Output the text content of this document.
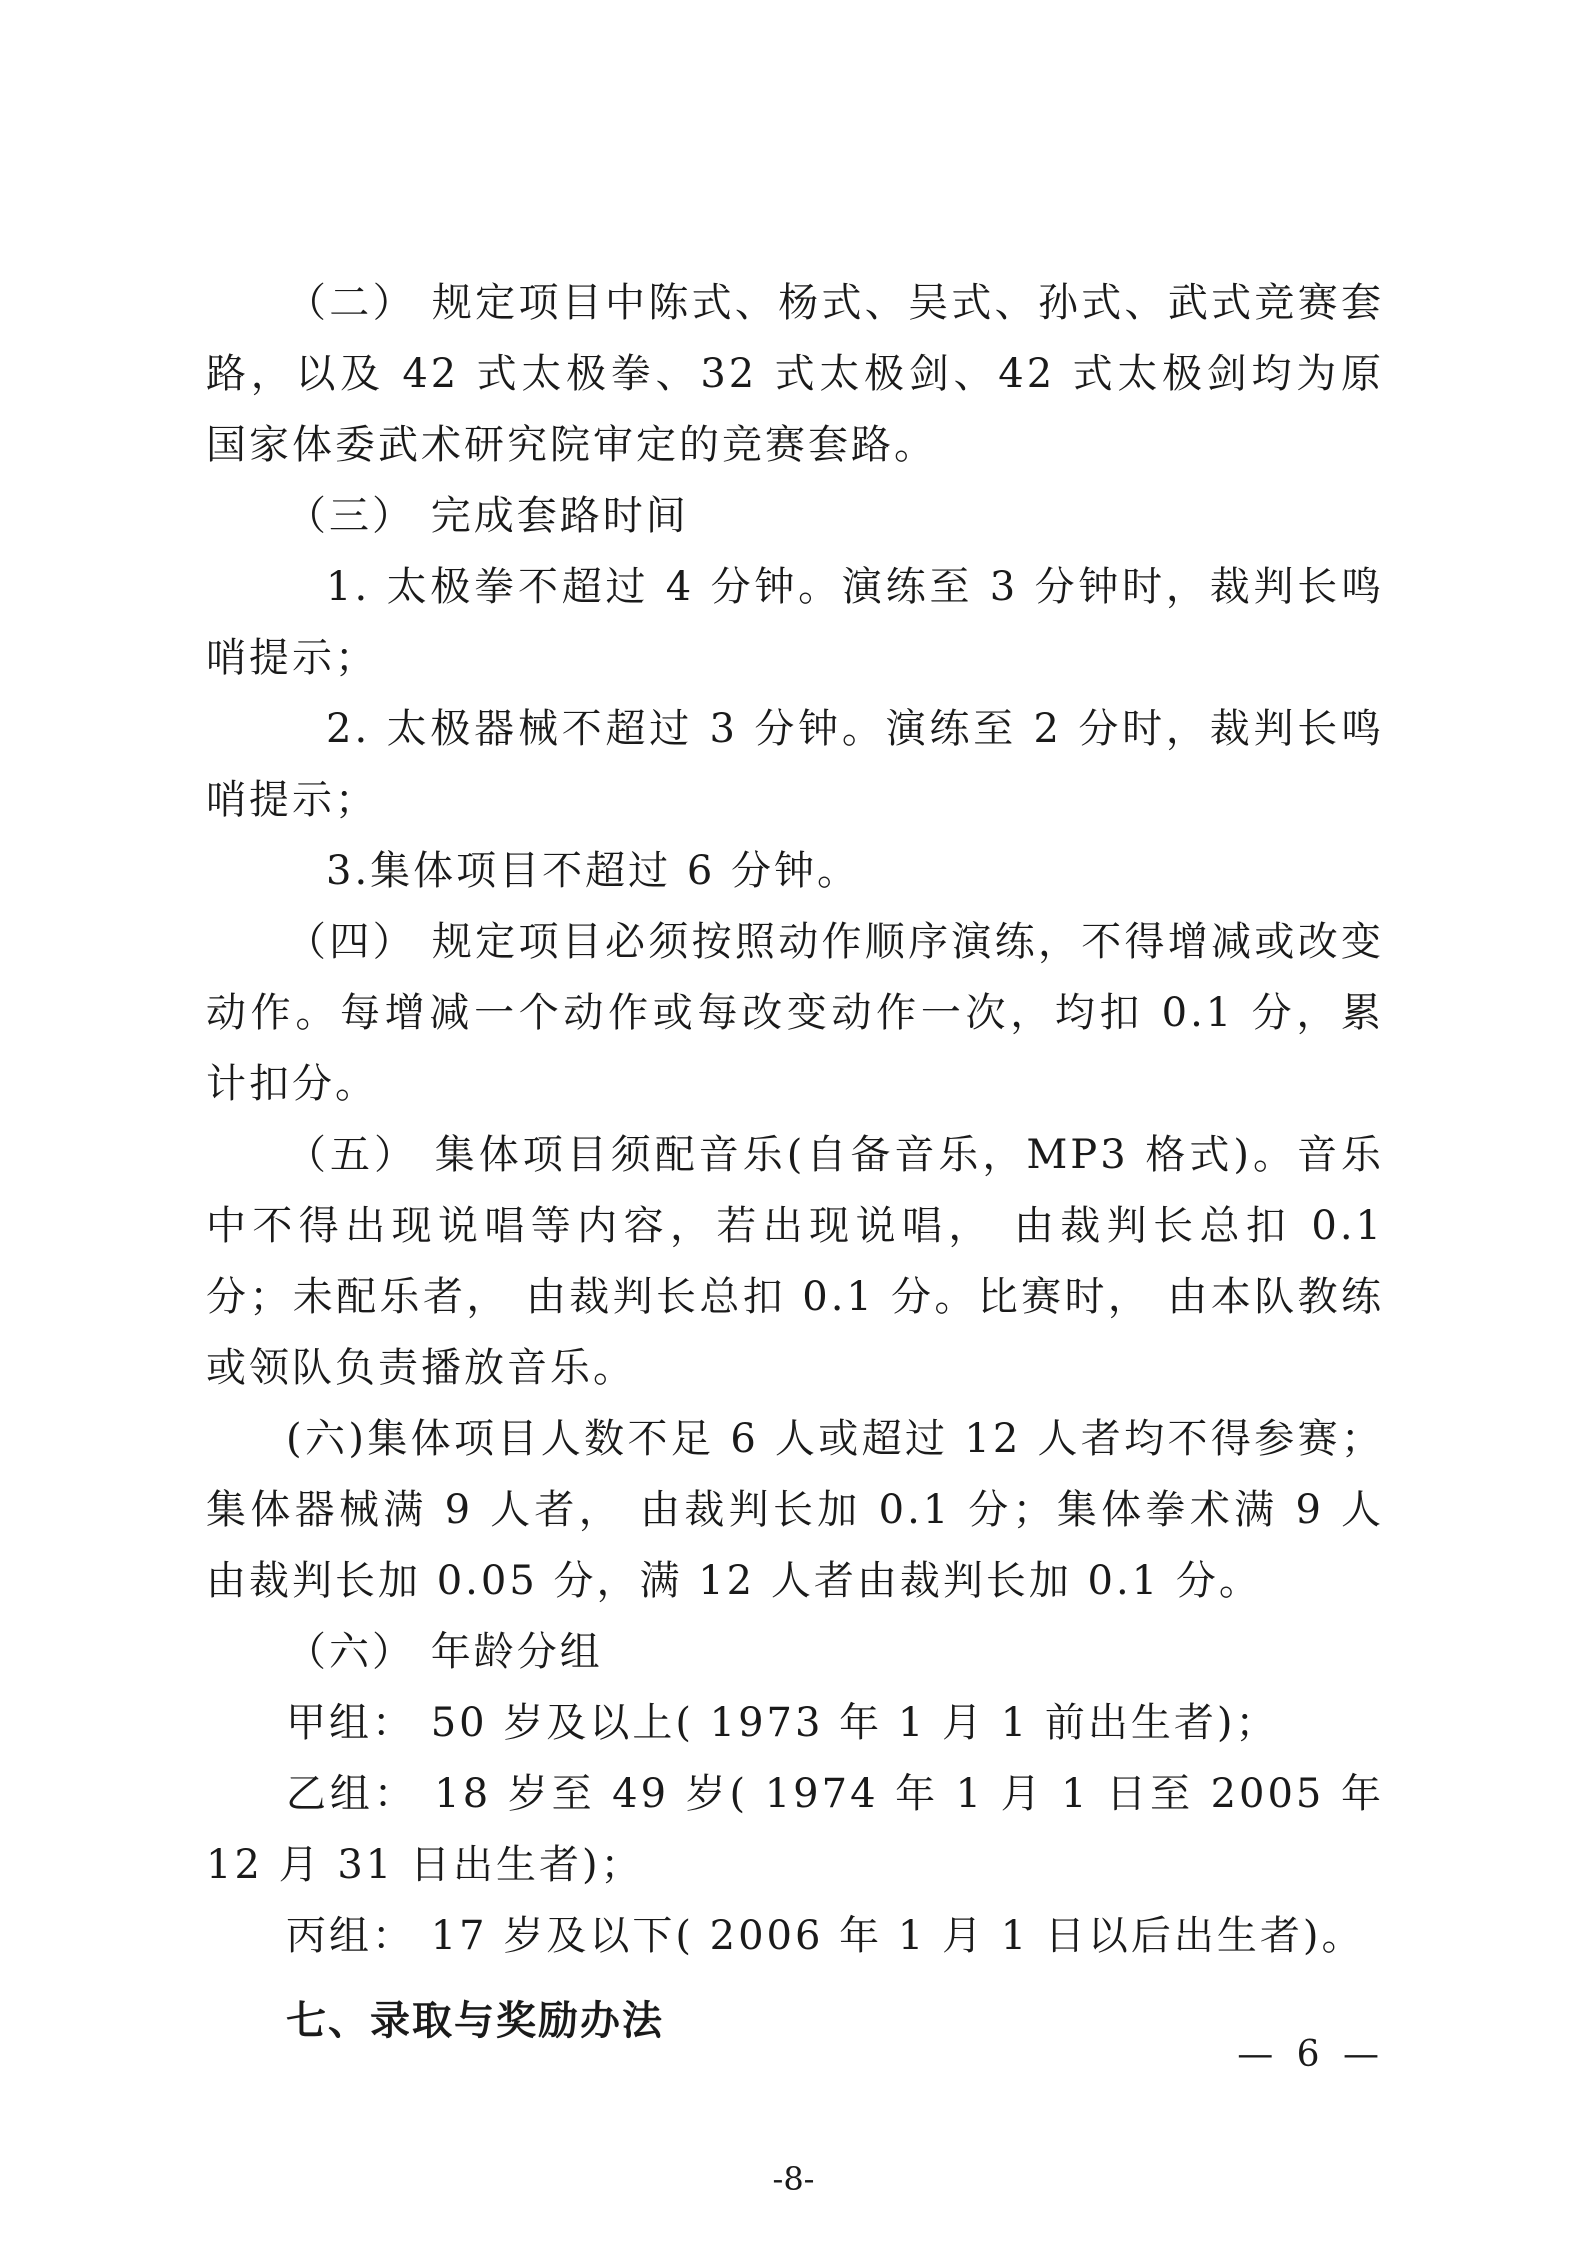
（二） 规定项目中陈式、杨式、吴式、孙式、武式竞赛套路，以及 42 式太极拳、32 式太极剑、42 式太极剑均为原国家体委武术研究院审定的竞赛套路。

（三） 完成套路时间

1. 太极拳不超过 4 分钟。演练至 3 分钟时，裁判长鸣哨提示；

2. 太极器械不超过 3 分钟。演练至 2 分时，裁判长鸣哨提示；

3.集体项目不超过 6 分钟。

（四） 规定项目必须按照动作顺序演练，不得增减或改变动作。每增减一个动作或每改变动作一次，均扣 0.1 分，累计扣分。

（五） 集体项目须配音乐(自备音乐，MP3 格式)。音乐中不得出现说唱等内容，若出现说唱， 由裁判长总扣 0.1 分；未配乐者， 由裁判长总扣 0.1 分。比赛时， 由本队教练或领队负责播放音乐。

(六)集体项目人数不足 6 人或超过 12 人者均不得参赛；集体器械满 9 人者， 由裁判长加 0.1 分；集体拳术满 9 人由裁判长加 0.05 分，满 12 人者由裁判长加 0.1 分。

（六） 年龄分组

甲组： 50 岁及以上( 1973 年 1 月 1 前出生者)；

乙组： 18 岁至 49 岁( 1974 年 1 月 1 日至 2005 年 12 月 31 日出生者)；

丙组： 17 岁及以下( 2006 年 1 月 1 日以后出生者)。

七、录取与奖励办法
— 6 —
-8-
